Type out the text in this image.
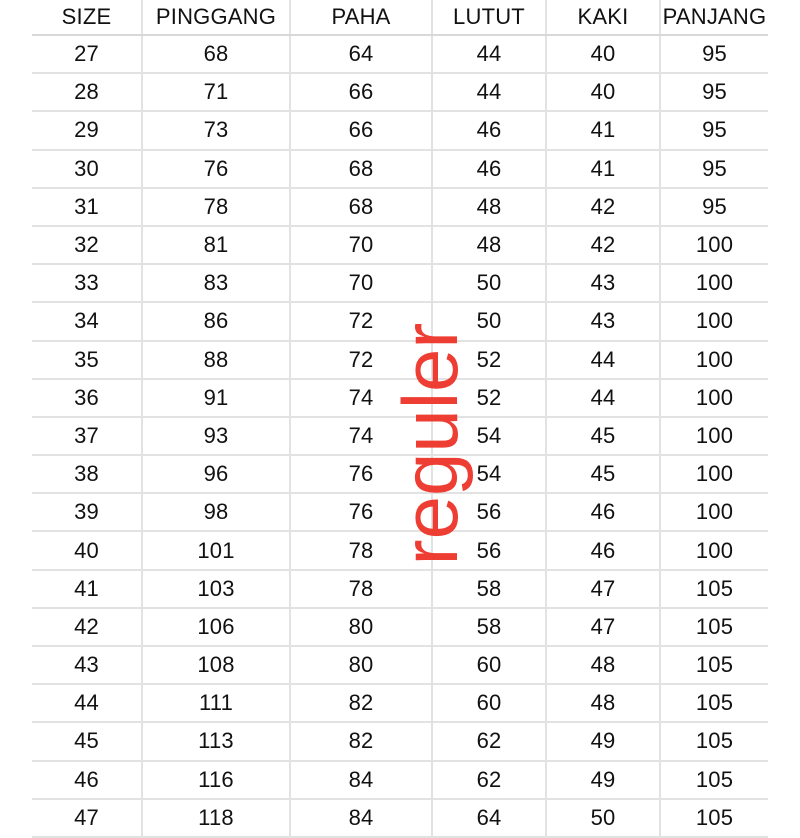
SIZE	PINGGANG	PAHA	LUTUT	KAKI	PANJANG
27	68	64	44	40	95
28	71	66	44	40	95
29	73	66	46	41	95
30	76	68	46	41	95
31	78	68	48	42	95
32	81	70	48	42	100
33	83	70	50	43	100
34	86	72	50	43	100
35	88	72	52	44	100
36	91	74	52	44	100
37	93	74	54	45	100
38	96	76	54	45	100
39	98	76	56	46	100
40	101	78	56	46	100
41	103	78	58	47	105
42	106	80	58	47	105
43	108	80	60	48	105
44	111	82	60	48	105
45	113	82	62	49	105
46	116	84	62	49	105
47	118	84	64	50	105
reguler
